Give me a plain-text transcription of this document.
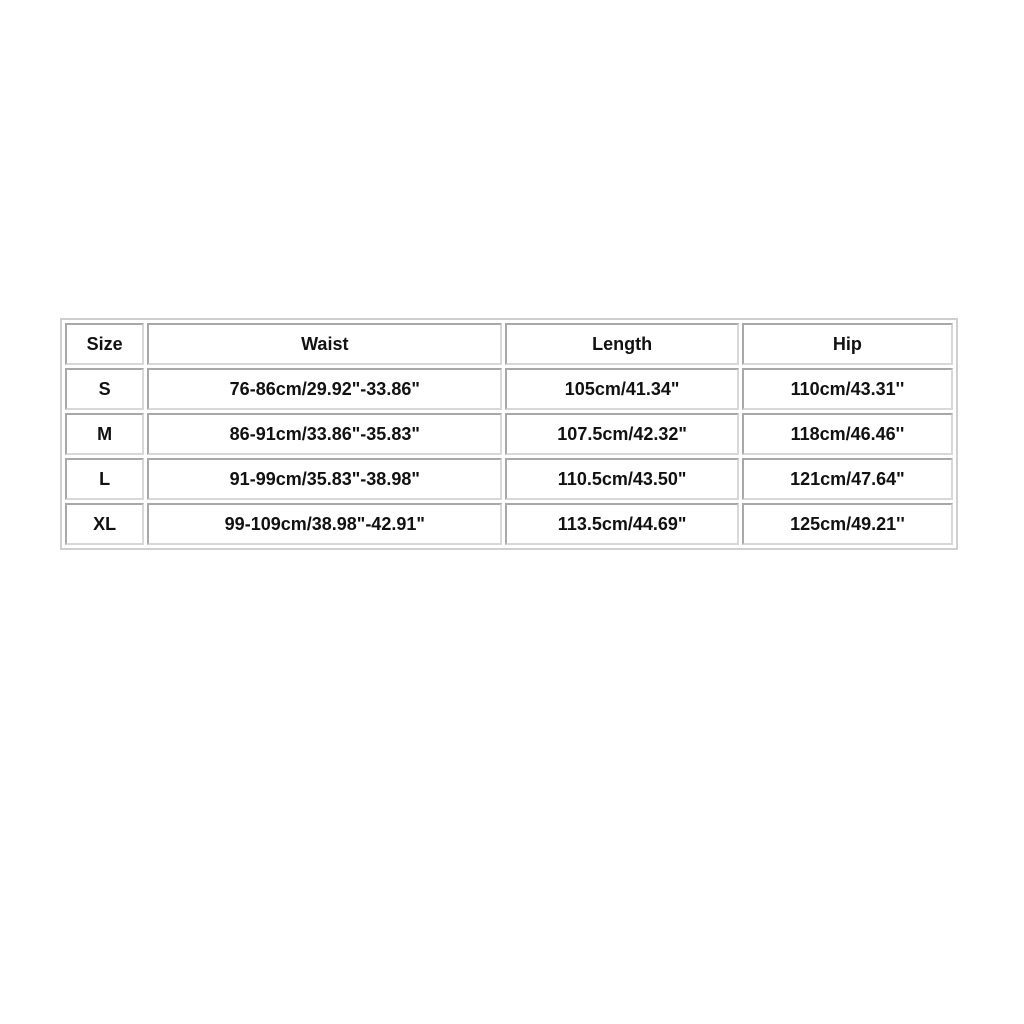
Size	Waist	Length	Hip
S	76-86cm/29.92"-33.86"	105cm/41.34"	110cm/43.31''
M	86-91cm/33.86"-35.83"	107.5cm/42.32"	118cm/46.46''
L	91-99cm/35.83"-38.98"	110.5cm/43.50"	121cm/47.64"
XL	99-109cm/38.98"-42.91"	113.5cm/44.69"	125cm/49.21''
